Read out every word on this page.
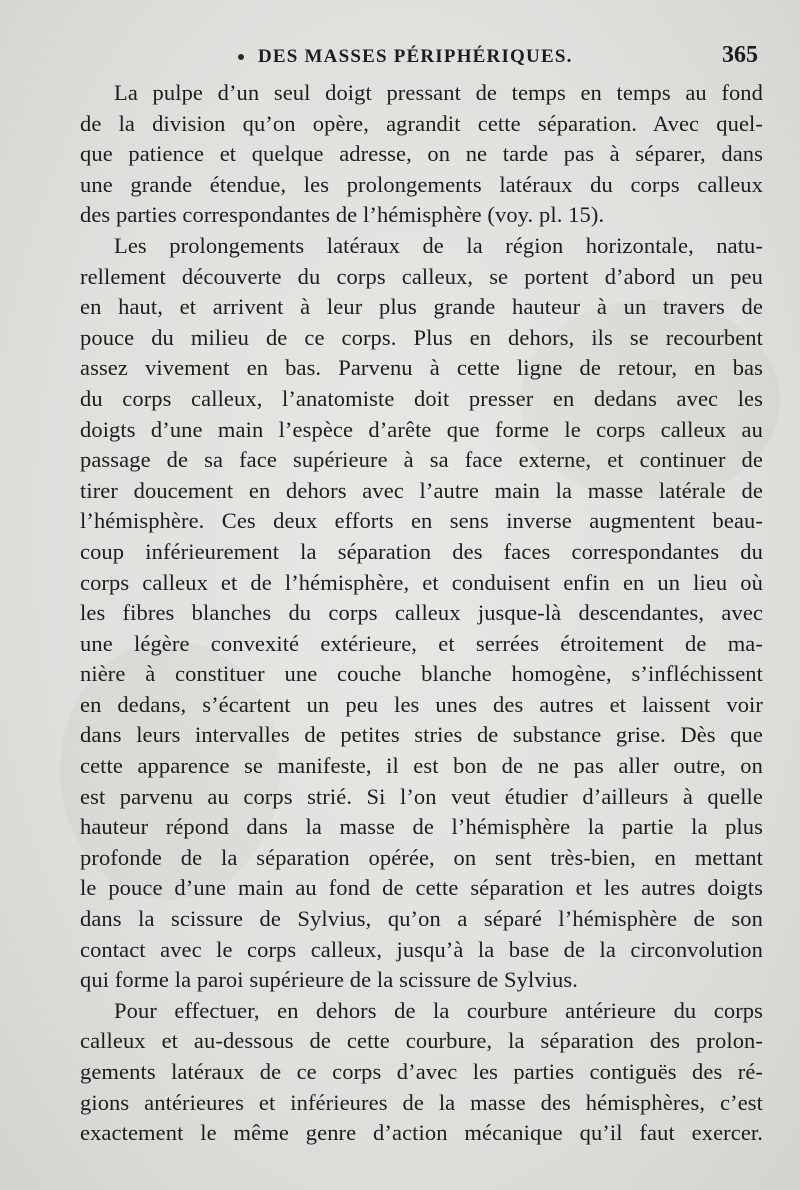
DES MASSES PÉRIPHÉRIQUES.	365
La pulpe d’un seul doigt pressant de temps en temps au fond
de la division qu’on opère, agrandit cette séparation. Avec quel-
que patience et quelque adresse, on ne tarde pas à séparer, dans
une grande étendue, les prolongements latéraux du corps calleux
des parties correspondantes de l’hémisphère (voy. pl. 15).
Les prolongements latéraux de la région horizontale, natu-
rellement découverte du corps calleux, se portent d’abord un peu
en haut, et arrivent à leur plus grande hauteur à un travers de
pouce du milieu de ce corps. Plus en dehors, ils se recourbent
assez vivement en bas. Parvenu à cette ligne de retour, en bas
du corps calleux, l’anatomiste doit presser en dedans avec les
doigts d’une main l’espèce d’arête que forme le corps calleux au
passage de sa face supérieure à sa face externe, et continuer de
tirer doucement en dehors avec l’autre main la masse latérale de
l’hémisphère. Ces deux efforts en sens inverse augmentent beau-
coup inférieurement la séparation des faces correspondantes du
corps calleux et de l’hémisphère, et conduisent enfin en un lieu où
les fibres blanches du corps calleux jusque-là descendantes, avec
une légère convexité extérieure, et serrées étroitement de ma-
nière à constituer une couche blanche homogène, s’infléchissent
en dedans, s’écartent un peu les unes des autres et laissent voir
dans leurs intervalles de petites stries de substance grise. Dès que
cette apparence se manifeste, il est bon de ne pas aller outre, on
est parvenu au corps strié. Si l’on veut étudier d’ailleurs à quelle
hauteur répond dans la masse de l’hémisphère la partie la plus
profonde de la séparation opérée, on sent très-bien, en mettant
le pouce d’une main au fond de cette séparation et les autres doigts
dans la scissure de Sylvius, qu’on a séparé l’hémisphère de son
contact avec le corps calleux, jusqu’à la base de la circonvolution
qui forme la paroi supérieure de la scissure de Sylvius.
Pour effectuer, en dehors de la courbure antérieure du corps
calleux et au-dessous de cette courbure, la séparation des prolon-
gements latéraux de ce corps d’avec les parties contiguës des ré-
gions antérieures et inférieures de la masse des hémisphères, c’est
exactement le même genre d’action mécanique qu’il faut exercer.
